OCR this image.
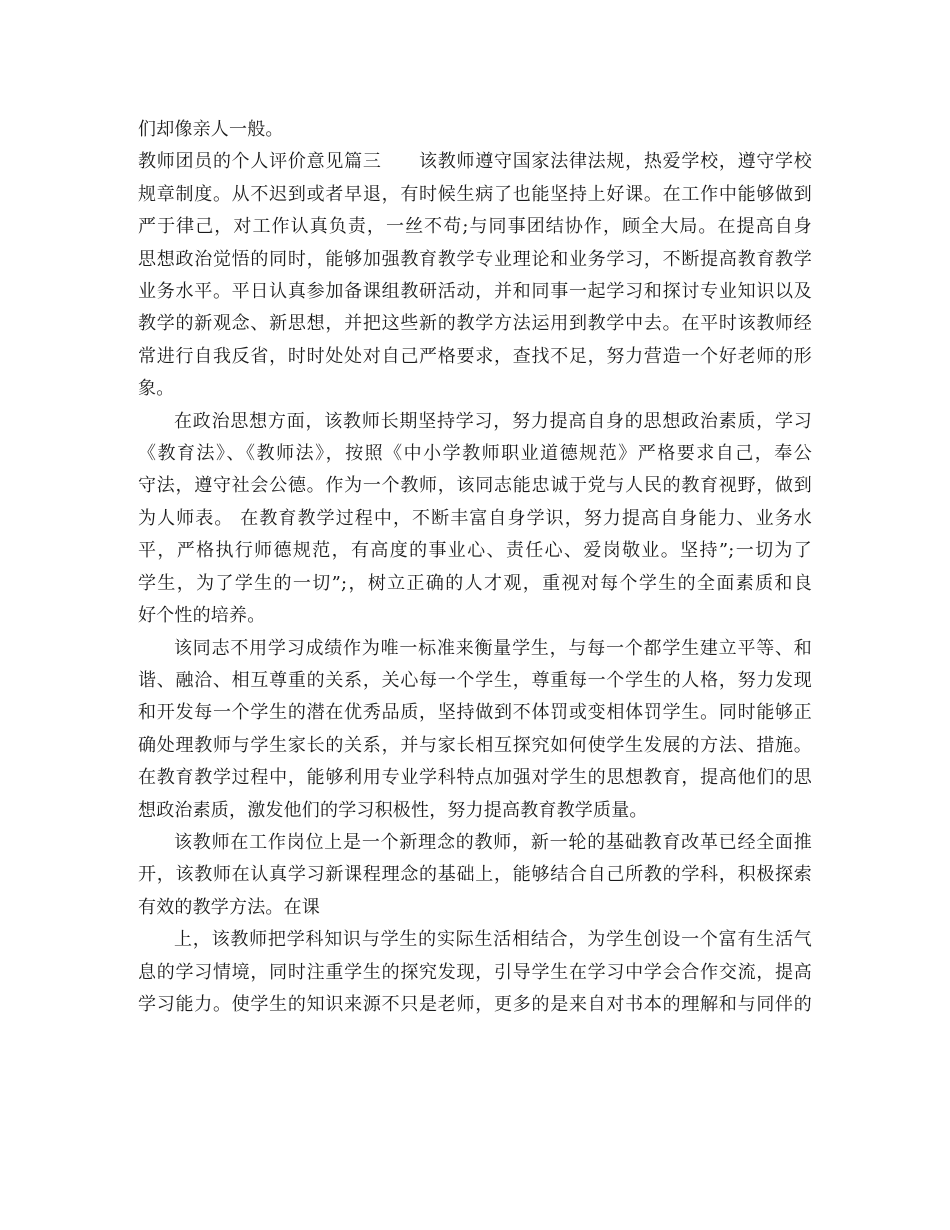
们却像亲人一般。
教师团员的个人评价意见篇三　　该教师遵守国家法律法规，热爱学校，遵守学校
规章制度。从不迟到或者早退，有时候生病了也能坚持上好课。在工作中能够做到
严于律己，对工作认真负责，一丝不苟;与同事团结协作，顾全大局。在提高自身
思想政治觉悟的同时，能够加强教育教学专业理论和业务学习，不断提高教育教学
业务水平。平日认真参加备课组教研活动，并和同事一起学习和探讨专业知识以及
教学的新观念、新思想，并把这些新的教学方法运用到教学中去。在平时该教师经
常进行自我反省，时时处处对自己严格要求，查找不足，努力营造一个好老师的形
象。
在政治思想方面，该教师长期坚持学习，努力提高自身的思想政治素质，学习
《教育法》、《教师法》，按照《中小学教师职业道德规范》严格要求自己，奉公
守法，遵守社会公德。作为一个教师，该同志能忠诚于党与人民的教育视野，做到
为人师表。 在教育教学过程中，不断丰富自身学识，努力提高自身能力、业务水
平，严格执行师德规范，有高度的事业心、责任心、爱岗敬业。坚持”;一切为了
学生，为了学生的一切”;，树立正确的人才观，重视对每个学生的全面素质和良
好个性的培养。
该同志不用学习成绩作为唯一标准来衡量学生，与每一个都学生建立平等、和
谐、融洽、相互尊重的关系，关心每一个学生，尊重每一个学生的人格，努力发现
和开发每一个学生的潜在优秀品质，坚持做到不体罚或变相体罚学生。同时能够正
确处理教师与学生家长的关系，并与家长相互探究如何使学生发展的方法、措施。
在教育教学过程中，能够利用专业学科特点加强对学生的思想教育，提高他们的思
想政治素质，激发他们的学习积极性，努力提高教育教学质量。
该教师在工作岗位上是一个新理念的教师，新一轮的基础教育改革已经全面推
开，该教师在认真学习新课程理念的基础上，能够结合自己所教的学科，积极探索
有效的教学方法。在课
上，该教师把学科知识与学生的实际生活相结合，为学生创设一个富有生活气
息的学习情境，同时注重学生的探究发现，引导学生在学习中学会合作交流，提高
学习能力。使学生的知识来源不只是老师，更多的是来自对书本的理解和与同伴的
